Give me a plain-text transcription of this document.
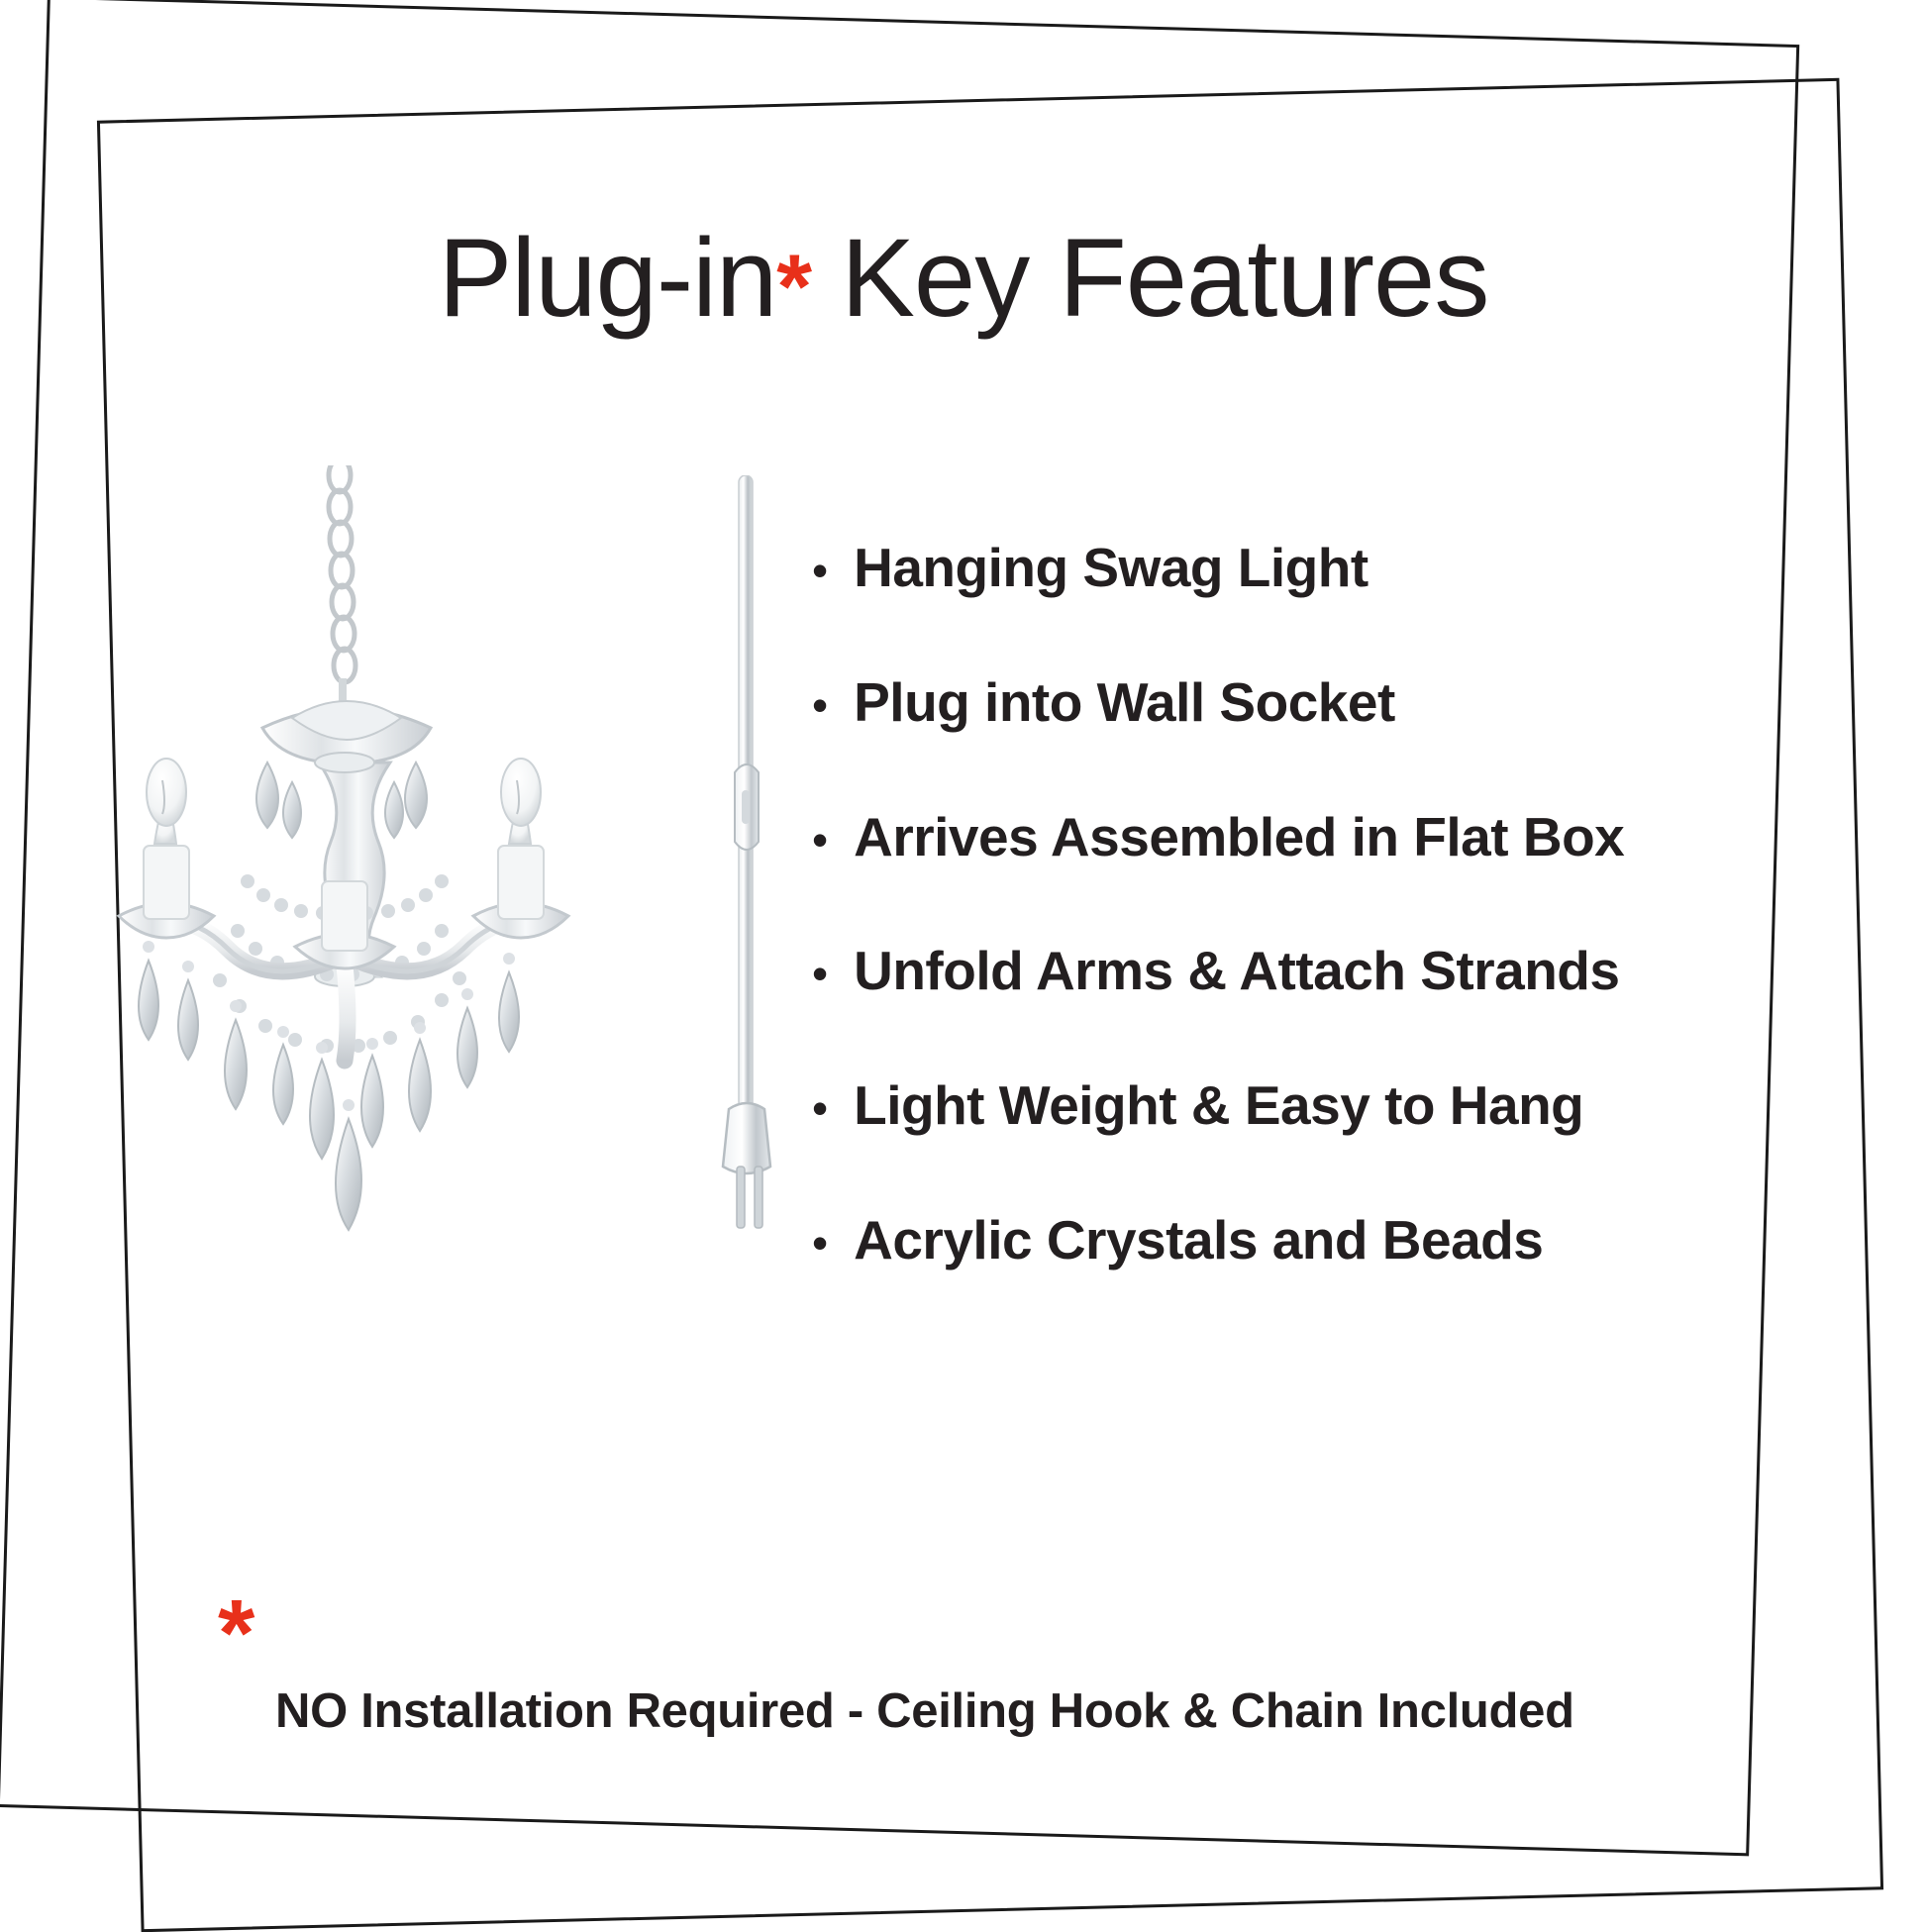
Plug-in* Key Features
• Hanging Swag Light
• Plug into Wall Socket
• Arrives Assembled in Flat Box
• Unfold Arms & Attach Strands
• Light Weight & Easy to Hang
• Acrylic Crystals and Beads
*
NO Installation Required - Ceiling Hook & Chain Included
